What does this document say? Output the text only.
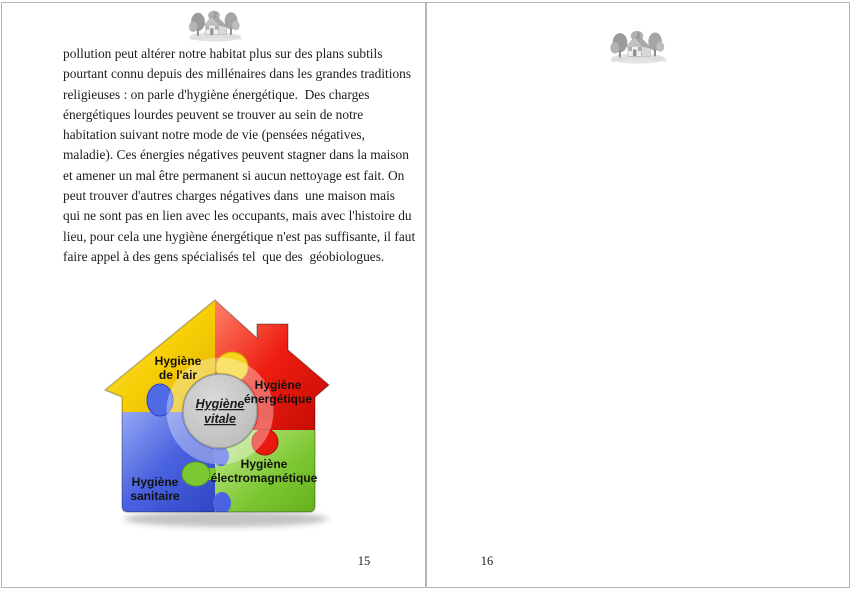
pollution peut altérer notre habitat plus sur des plans subtils
pourtant connu depuis des millénaires dans les grandes traditions
religieuses : on parle d'hygiène énergétique.  Des charges
énergétiques lourdes peuvent se trouver au sein de notre
habitation suivant notre mode de vie (pensées négatives,
maladie). Ces énergies négatives peuvent stagner dans la maison
et amener un mal être permanent si aucun nettoyage est fait. On
peut trouver d'autres charges négatives dans  une maison mais
qui ne sont pas en lien avec les occupants, mais avec l'histoire du
lieu, pour cela une hygiène énergétique n'est pas suffisante, il faut
faire appel à des gens spécialisés tel  que des  géobiologues.
Hygiène
de l'air
Hygiène
énergétique
Hygiène
vitale
Hygiène
électromagnétique
Hygiène
sanitaire
15	16
